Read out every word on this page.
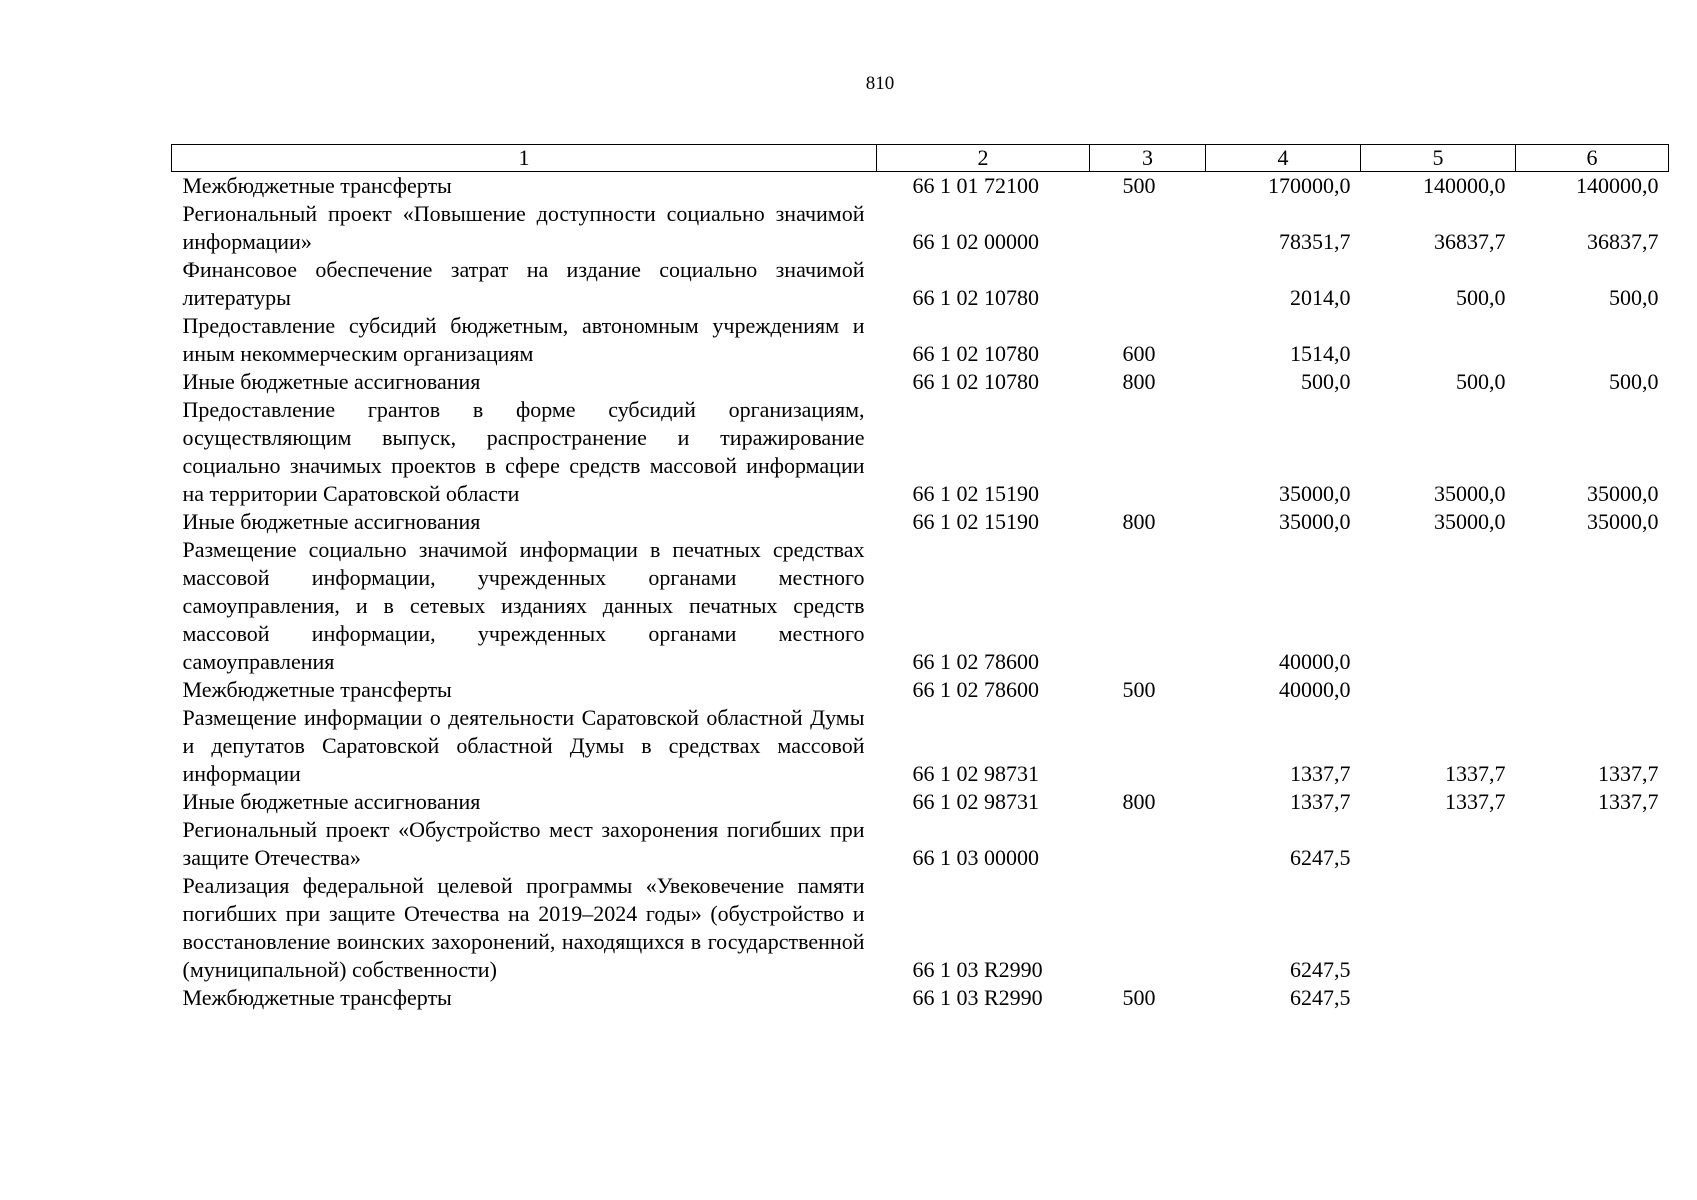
810
1	2	3	4	5	6
Межбюджетные трансферты	66 1 01 72100	500	170000,0	140000,0	140000,0
Региональный проект «Повышение доступности социально значимой информации»	66 1 02 00000		78351,7	36837,7	36837,7
Финансовое обеспечение затрат на издание социально значимой литературы	66 1 02 10780		2014,0	500,0	500,0
Предоставление субсидий бюджетным, автономным учреждениям и иным некоммерческим организациям	66 1 02 10780	600	1514,0		
Иные бюджетные ассигнования	66 1 02 10780	800	500,0	500,0	500,0
Предоставление грантов в форме субсидий организациям, осуществляющим выпуск, распространение и тиражирование социально значимых проектов в сфере средств массовой информации на территории Саратовской области	66 1 02 15190		35000,0	35000,0	35000,0
Иные бюджетные ассигнования	66 1 02 15190	800	35000,0	35000,0	35000,0
Размещение социально значимой информации в печатных средствах массовой информации, учрежденных органами местного самоуправления, и в сетевых изданиях данных печатных средств массовой информации, учрежденных органами местного самоуправления	66 1 02 78600		40000,0		
Межбюджетные трансферты	66 1 02 78600	500	40000,0		
Размещение информации о деятельности Саратовской областной Думы и депутатов Саратовской областной Думы в средствах массовой информации	66 1 02 98731		1337,7	1337,7	1337,7
Иные бюджетные ассигнования	66 1 02 98731	800	1337,7	1337,7	1337,7
Региональный проект «Обустройство мест захоронения погибших при защите Отечества»	66 1 03 00000		6247,5		
Реализация федеральной целевой программы «Увековечение памяти погибших при защите Отечества на 2019–2024 годы» (обустройство и восстановление воинских захоронений, находящихся в государственной (муниципальной) собственности)	66 1 03 R2990		6247,5		
Межбюджетные трансферты	66 1 03 R2990	500	6247,5		
